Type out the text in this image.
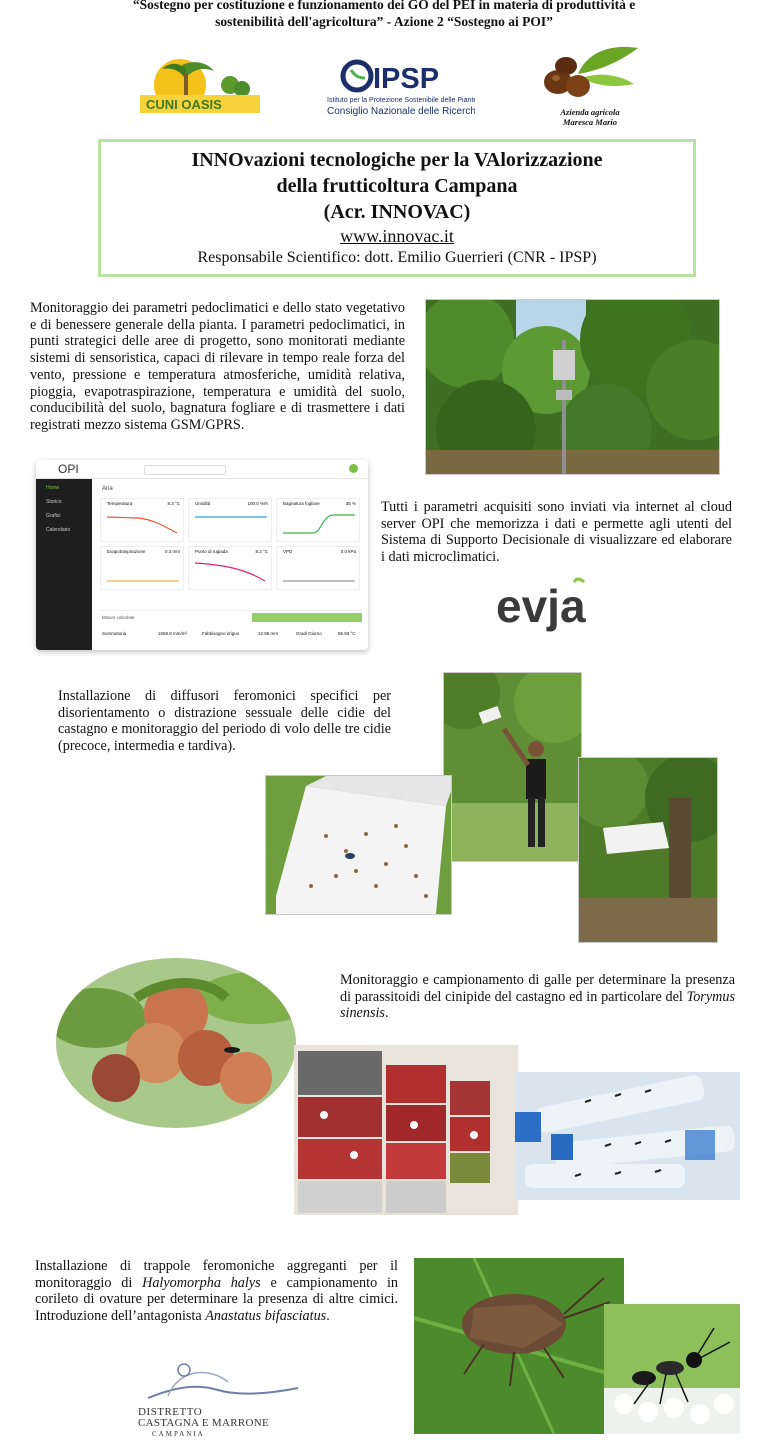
“Sostegno per costituzione e funzionamento dei GO del PEI in materia di produttività e
sostenibilità dell'agricoltura” - Azione 2 “Sostegno ai POI”
CUNI OASIS
IPSP
Istituto per la Protezione Sostenibile delle Piante
Consiglio Nazionale delle Ricerche	Azienda agricola
Maresca Mario
INNOvazioni tecnologiche per la VAlorizzazione
della frutticoltura Campana
(Acr. INNOVAC)
www.innovac.it
Responsabile Scientifico: dott. Emilio Guerrieri (CNR - IPSP)
Monitoraggio dei parametri pedoclimatici e dello stato vegetativo e di benessere generale della pianta. I parametri pedoclimatici, in punti strategici delle aree di progetto, sono monitorati mediante sistemi di sensoristica, capaci di rilevare in tempo reale forza del vento, pressione e temperatura atmosferiche, umidità relativa, pioggia, evapotraspirazione, temperatura e umidità del suolo, conducibilità del suolo, bagnatura fogliare e di trasmettere i dati registrati mezzo sistema GSM/GPRS.
OPI
Home
Storico
Grafici
Calendario
Aria
Temperatura	8.3 °C	Umidità	100.0 %rh	Bagnatura fogliare	35 %
Evapotraspirazione	0.3 mm	Punto di rugiada	8.2 °C	VPD	0.0 kPa
Misure calcolate
Sommatoria	1558.8 mm/m²	Fabbisogno irriguo	22.98 mm	Gradi Giorno	86.93 °C
Tutti i parametri acquisiti sono inviati via internet al cloud server OPI che memorizza i dati e permette agli utenti del Sistema di Supporto Decisionale di visualizzare ed elaborare i dati microclimatici.
evja
Installazione di diffusori feromonici specifici per disorientamento o distrazione sessuale delle cidie del castagno e monitoraggio del periodo di volo delle tre cidie (precoce, intermedia e tardiva).
Monitoraggio e campionamento di galle per determinare la presenza di parassitoidi del cinipide del castagno ed in particolare del Torymus sinensis.
Installazione di trappole feromoniche aggreganti per il monitoraggio di Halyomorpha halys e campionamento in corileto di ovature per determinare la presenza di altre cimici. Introduzione dell’antagonista Anastatus bifasciatus.
DISTRETTO
CASTAGNA E MARRONE
CAMPANIA
